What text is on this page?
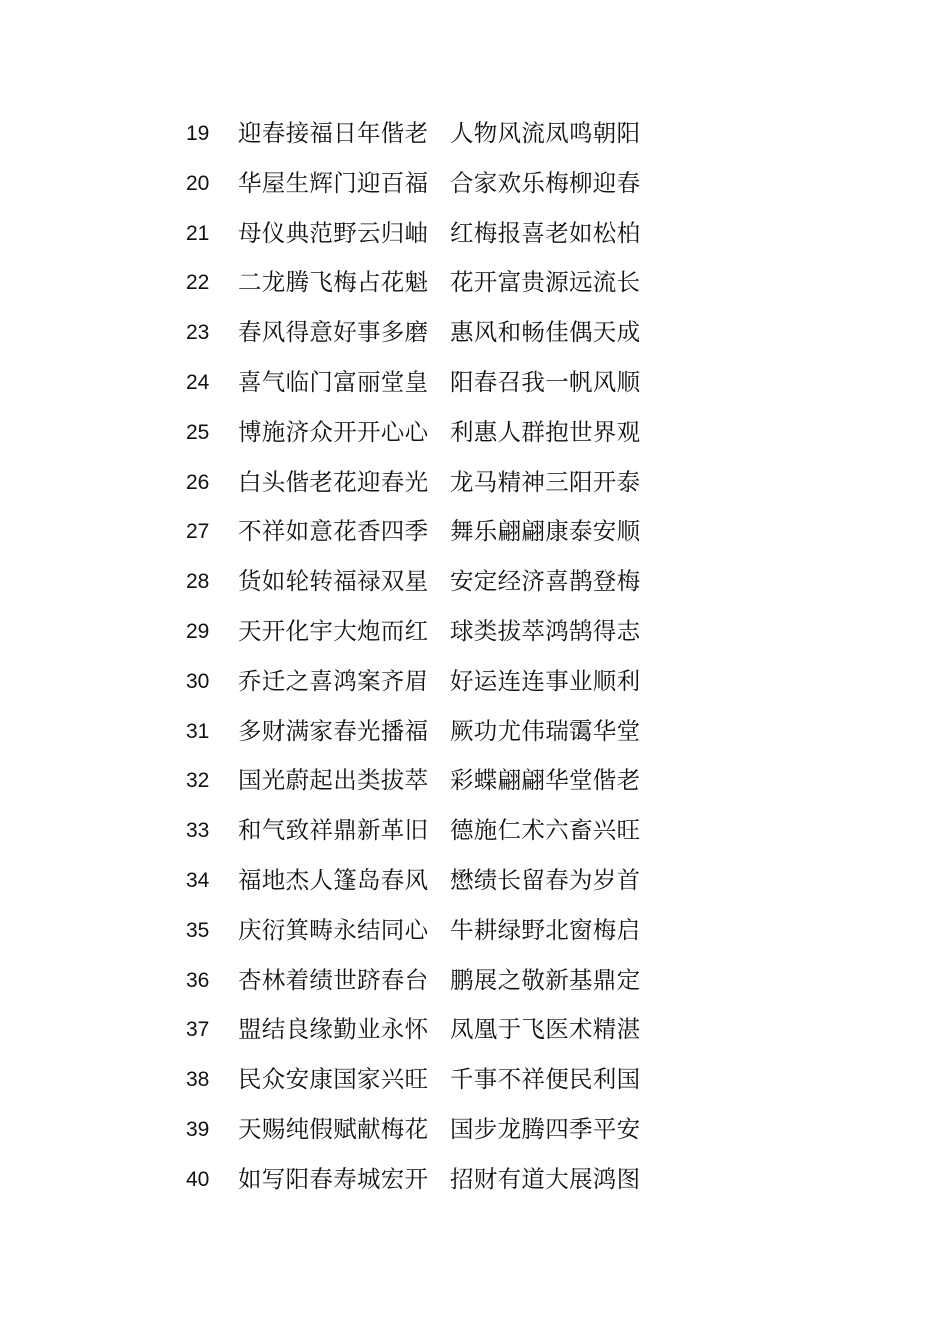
19	迎春接福日年偕老 人物风流凤鸣朝阳
20	华屋生辉门迎百福 合家欢乐梅柳迎春
21	母仪典范野云归岫 红梅报喜老如松柏
22	二龙腾飞梅占花魁 花开富贵源远流长
23	春风得意好事多磨 惠风和畅佳偶天成
24	喜气临门富丽堂皇 阳春召我一帆风顺
25	博施济众开开心心 利惠人群抱世界观
26	白头偕老花迎春光 龙马精神三阳开泰
27	不祥如意花香四季 舞乐翩翩康泰安顺
28	货如轮转福禄双星 安定经济喜鹊登梅
29	天开化宇大炮而红 球类拔萃鸿鹄得志
30	乔迁之喜鸿案齐眉 好运连连事业顺利
31	多财满家春光播福 厥功尤伟瑞霭华堂
32	国光蔚起出类拔萃 彩蝶翩翩华堂偕老
33	和气致祥鼎新革旧 德施仁术六畜兴旺
34	福地杰人篷岛春风 懋绩长留春为岁首
35	庆衍箕畴永结同心 牛耕绿野北窗梅启
36	杏林着绩世跻春台 鹏展之敬新基鼎定
37	盟结良缘勤业永怀 凤凰于飞医术精湛
38	民众安康国家兴旺 千事不祥便民利国
39	天赐纯假赋献梅花 国步龙腾四季平安
40	如写阳春寿城宏开 招财有道大展鸿图
